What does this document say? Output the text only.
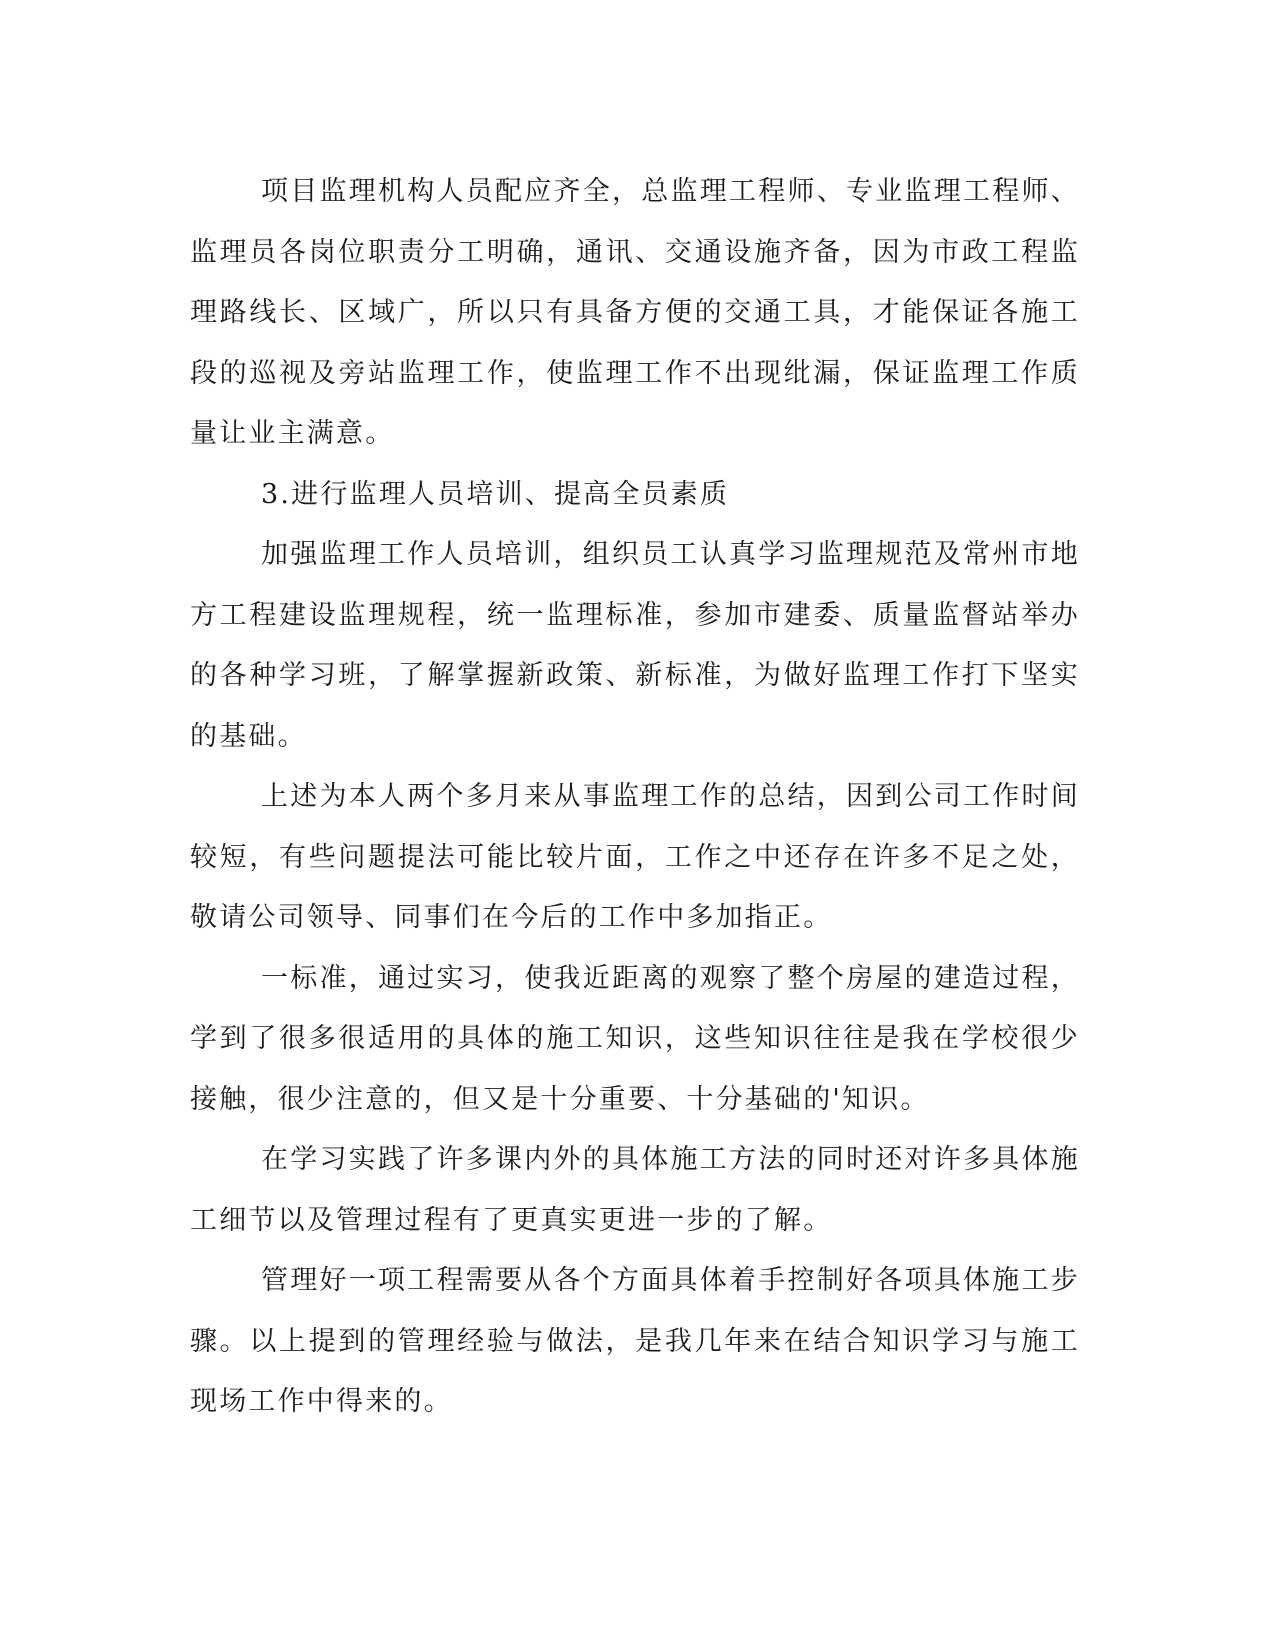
项目监理机构人员配应齐全，总监理工程师、专业监理工程师、监理员各岗位职责分工明确，通讯、交通设施齐备，因为市政工程监理路线长、区域广，所以只有具备方便的交通工具，才能保证各施工段的巡视及旁站监理工作，使监理工作不出现纰漏，保证监理工作质量让业主满意。

3.进行监理人员培训、提高全员素质

加强监理工作人员培训，组织员工认真学习监理规范及常州市地方工程建设监理规程，统一监理标准，参加市建委、质量监督站举办的各种学习班，了解掌握新政策、新标准，为做好监理工作打下坚实的基础。

上述为本人两个多月来从事监理工作的总结，因到公司工作时间较短，有些问题提法可能比较片面，工作之中还存在许多不足之处，敬请公司领导、同事们在今后的工作中多加指正。

一标准，通过实习，使我近距离的观察了整个房屋的建造过程，学到了很多很适用的具体的施工知识，这些知识往往是我在学校很少接触，很少注意的，但又是十分重要、十分基础的'知识。

在学习实践了许多课内外的具体施工方法的同时还对许多具体施工细节以及管理过程有了更真实更进一步的了解。

管理好一项工程需要从各个方面具体着手控制好各项具体施工步骤。以上提到的管理经验与做法，是我几年来在结合知识学习与施工现场工作中得来的。
